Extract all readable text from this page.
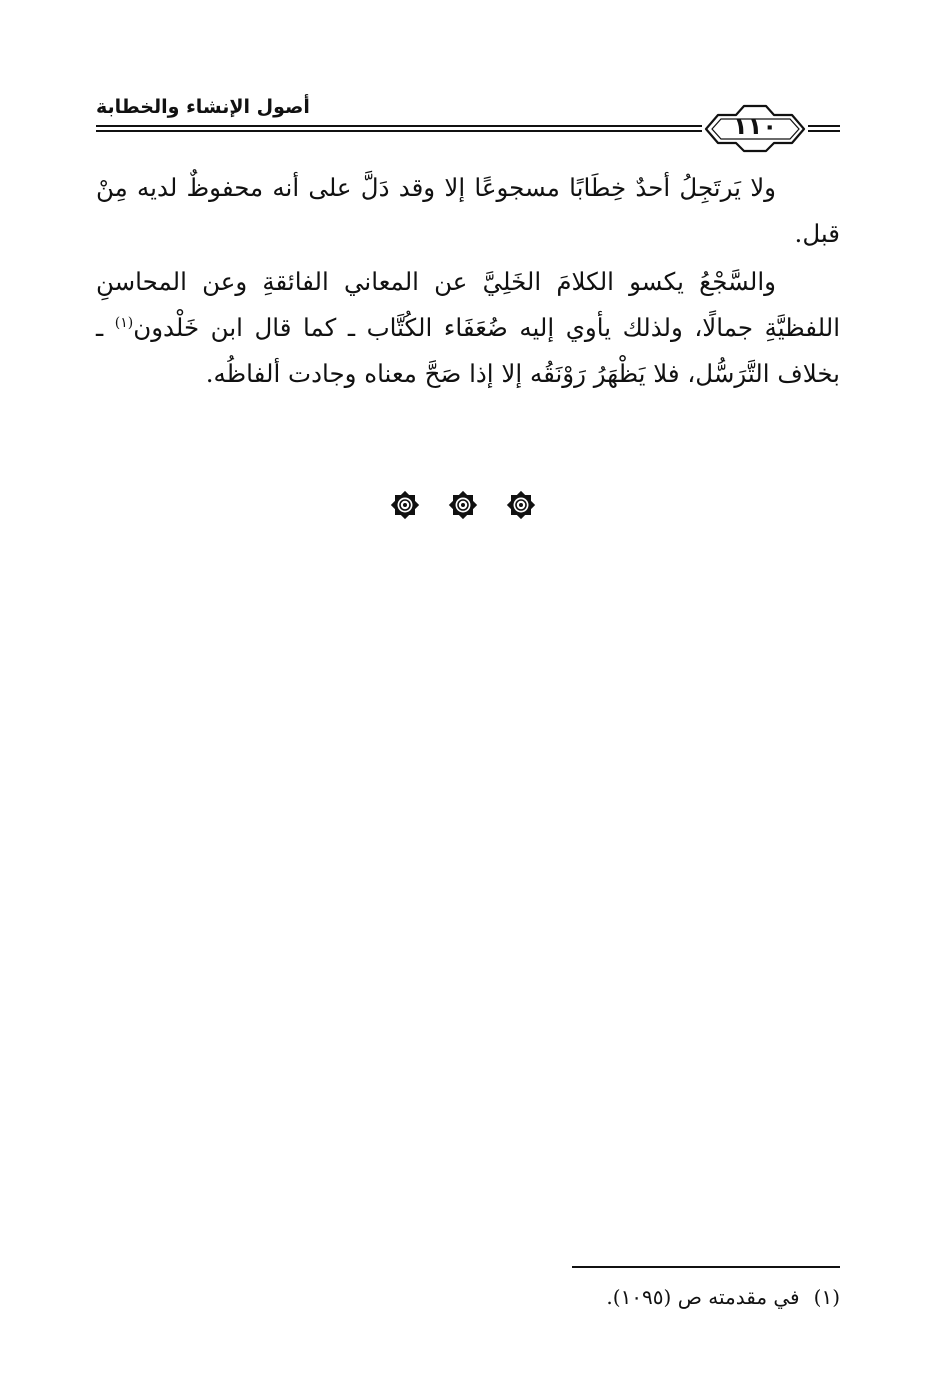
أصول الإنشاء والخطابة
١١٠

ولا يَرتَجِلُ أحدٌ خِطَابًا مسجوعًا إلا وقد دَلَّ على أنه محفوظٌ لديه مِنْ قبل.

والسَّجْعُ يكسو الكلامَ الخَلِيَّ عن المعاني الفائقةِ وعن المحاسنِ اللفظيَّةِ جمالًا، ولذلك يأوي إليه ضُعَفَاء الكُتَّاب ـ كما قال ابن خَلْدون$^{(١)}$ ـ بخلاف التَّرَسُّل، فلا يَظْهَرُ رَوْنَقُه إلا إذا صَحَّ معناه وجادت ألفاظُه.

(١)في مقدمته ص (١٠٩٥).
